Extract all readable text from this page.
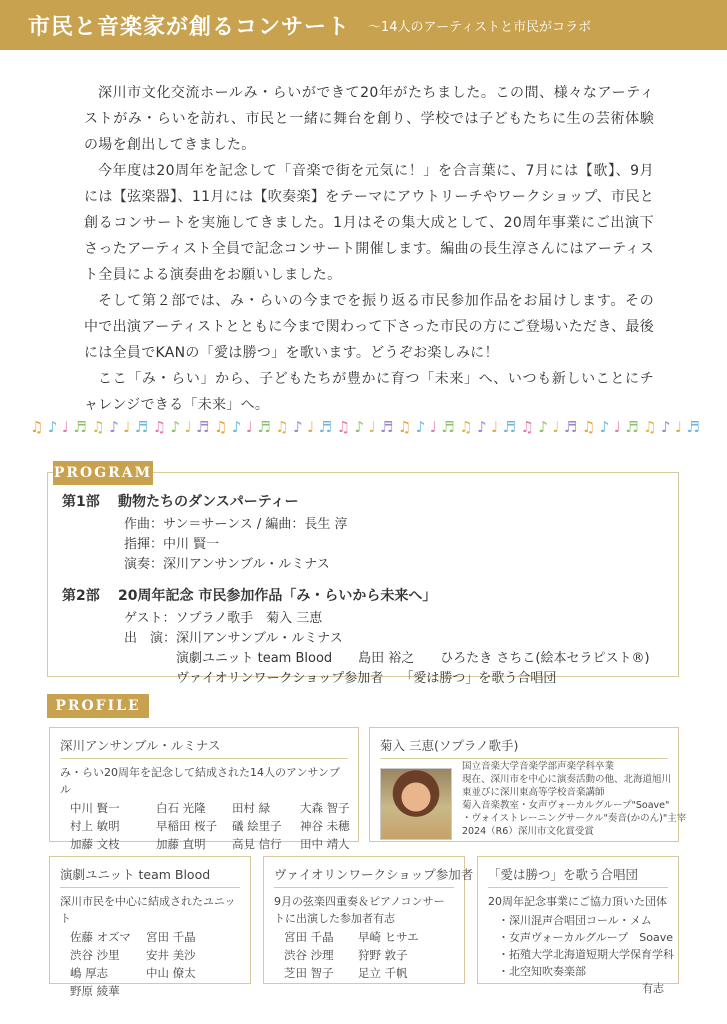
市民と音楽家が創るコンサート ～14人のアーティストと市民がコラボ

深川市文化交流ホールみ・らいができて20年がたちました。この間、様々なアーティストがみ・らいを訪れ、市民と一緒に舞台を創り、学校では子どもたちに生の芸術体験の場を創出してきました。

今年度は20周年を記念して「音楽で街を元気に！」を合言葉に、7月には【歌】、9月には【弦楽器】、11月には【吹奏楽】をテーマにアウトリーチやワークショップ、市民と創るコンサートを実施してきました。1月はその集大成として、20周年事業にご出演下さったアーティスト全員で記念コンサート開催します。編曲の長生淳さんにはアーティスト全員による演奏曲をお願いしました。

そして第２部では、み・らいの今までを振り返る市民参加作品をお届けします。その中で出演アーティストとともに今まで関わって下さった市民の方にご登場いただき、最後には全員でKANの「愛は勝つ」を歌います。どうぞお楽しみに！

ここ「み・らい」から、子どもたちが豊かに育つ「未来」へ、いつも新しいことにチャレンジできる「未来」へ。

♫ ♪ ♩ ♬ ♫ ♪ ♩ ♬ ♫ ♪ ♩ ♬ ♫ ♪ ♩ ♬ ♫ ♪ ♩ ♬ ♫ ♪ ♩ ♬ ♫ ♪ ♩ ♬ ♫ ♪ ♩ ♬ ♫ ♪ ♩ ♬ ♫ ♪ ♩ ♬ ♫ ♪ ♩ ♬
第1部	動物たちのダンスパーティー
作曲：サン＝サーンス / 編曲：長生 淳
指揮：中川 賢一
演奏：深川アンサンブル・ルミナス
第2部	20周年記念 市民参加作品「み・らいから未来へ」
ゲスト：ソプラノ歌手　菊入 三恵
出　演：深川アンサンブル・ルミナス
演劇ユニット team Blood　　島田 裕之　　ひろたき さちこ(絵本セラピスト®)
ヴァイオリンワークショップ参加者　 「愛は勝つ」を歌う合唱団
PROGRAM
PROFILE
深川アンサンブル・ルミナス
み・らい20周年を記念して結成された14人のアンサンブル
中川 賢一	白石 光隆	田村 緑	大森 智子
村上 敏明	早稲田 桜子	礒 絵里子	神谷 未穂
加藤 文枝	加藤 直明	高見 信行	田中 靖人
菊入 三恵(ソプラノ歌手)
国立音楽大学音楽学部声楽学科卒業
現在、深川市を中心に演奏活動の他、北海道旭川
東並びに深川東高等学校音楽講師
菊入音楽教室・女声ヴォーカルグループ"Soave"
・ヴォイストレーニングサークル"奏音(かのん)"主宰
2024（R6）深川市文化賞受賞
演劇ユニット team Blood
深川市民を中心に結成されたユニット
佐藤 オズマ	宮田 千晶
渋谷 沙里	安井 美沙
嶋 厚志	中山 僚太
野原 綾華
ヴァイオリンワークショップ参加者
9月の弦楽四重奏＆ピアノコンサートに出演した参加者有志
宮田 千晶	早崎 ヒサエ
渋谷 沙理	狩野 敦子
芝田 智子	足立 千帆
「愛は勝つ」を歌う合唱団
20周年記念事業にご協力頂いた団体
・深川混声合唱団コール・メム
・女声ヴォーカルグループ　Soave
・拓殖大学北海道短期大学保育学科
・北空知吹奏楽部
有志
